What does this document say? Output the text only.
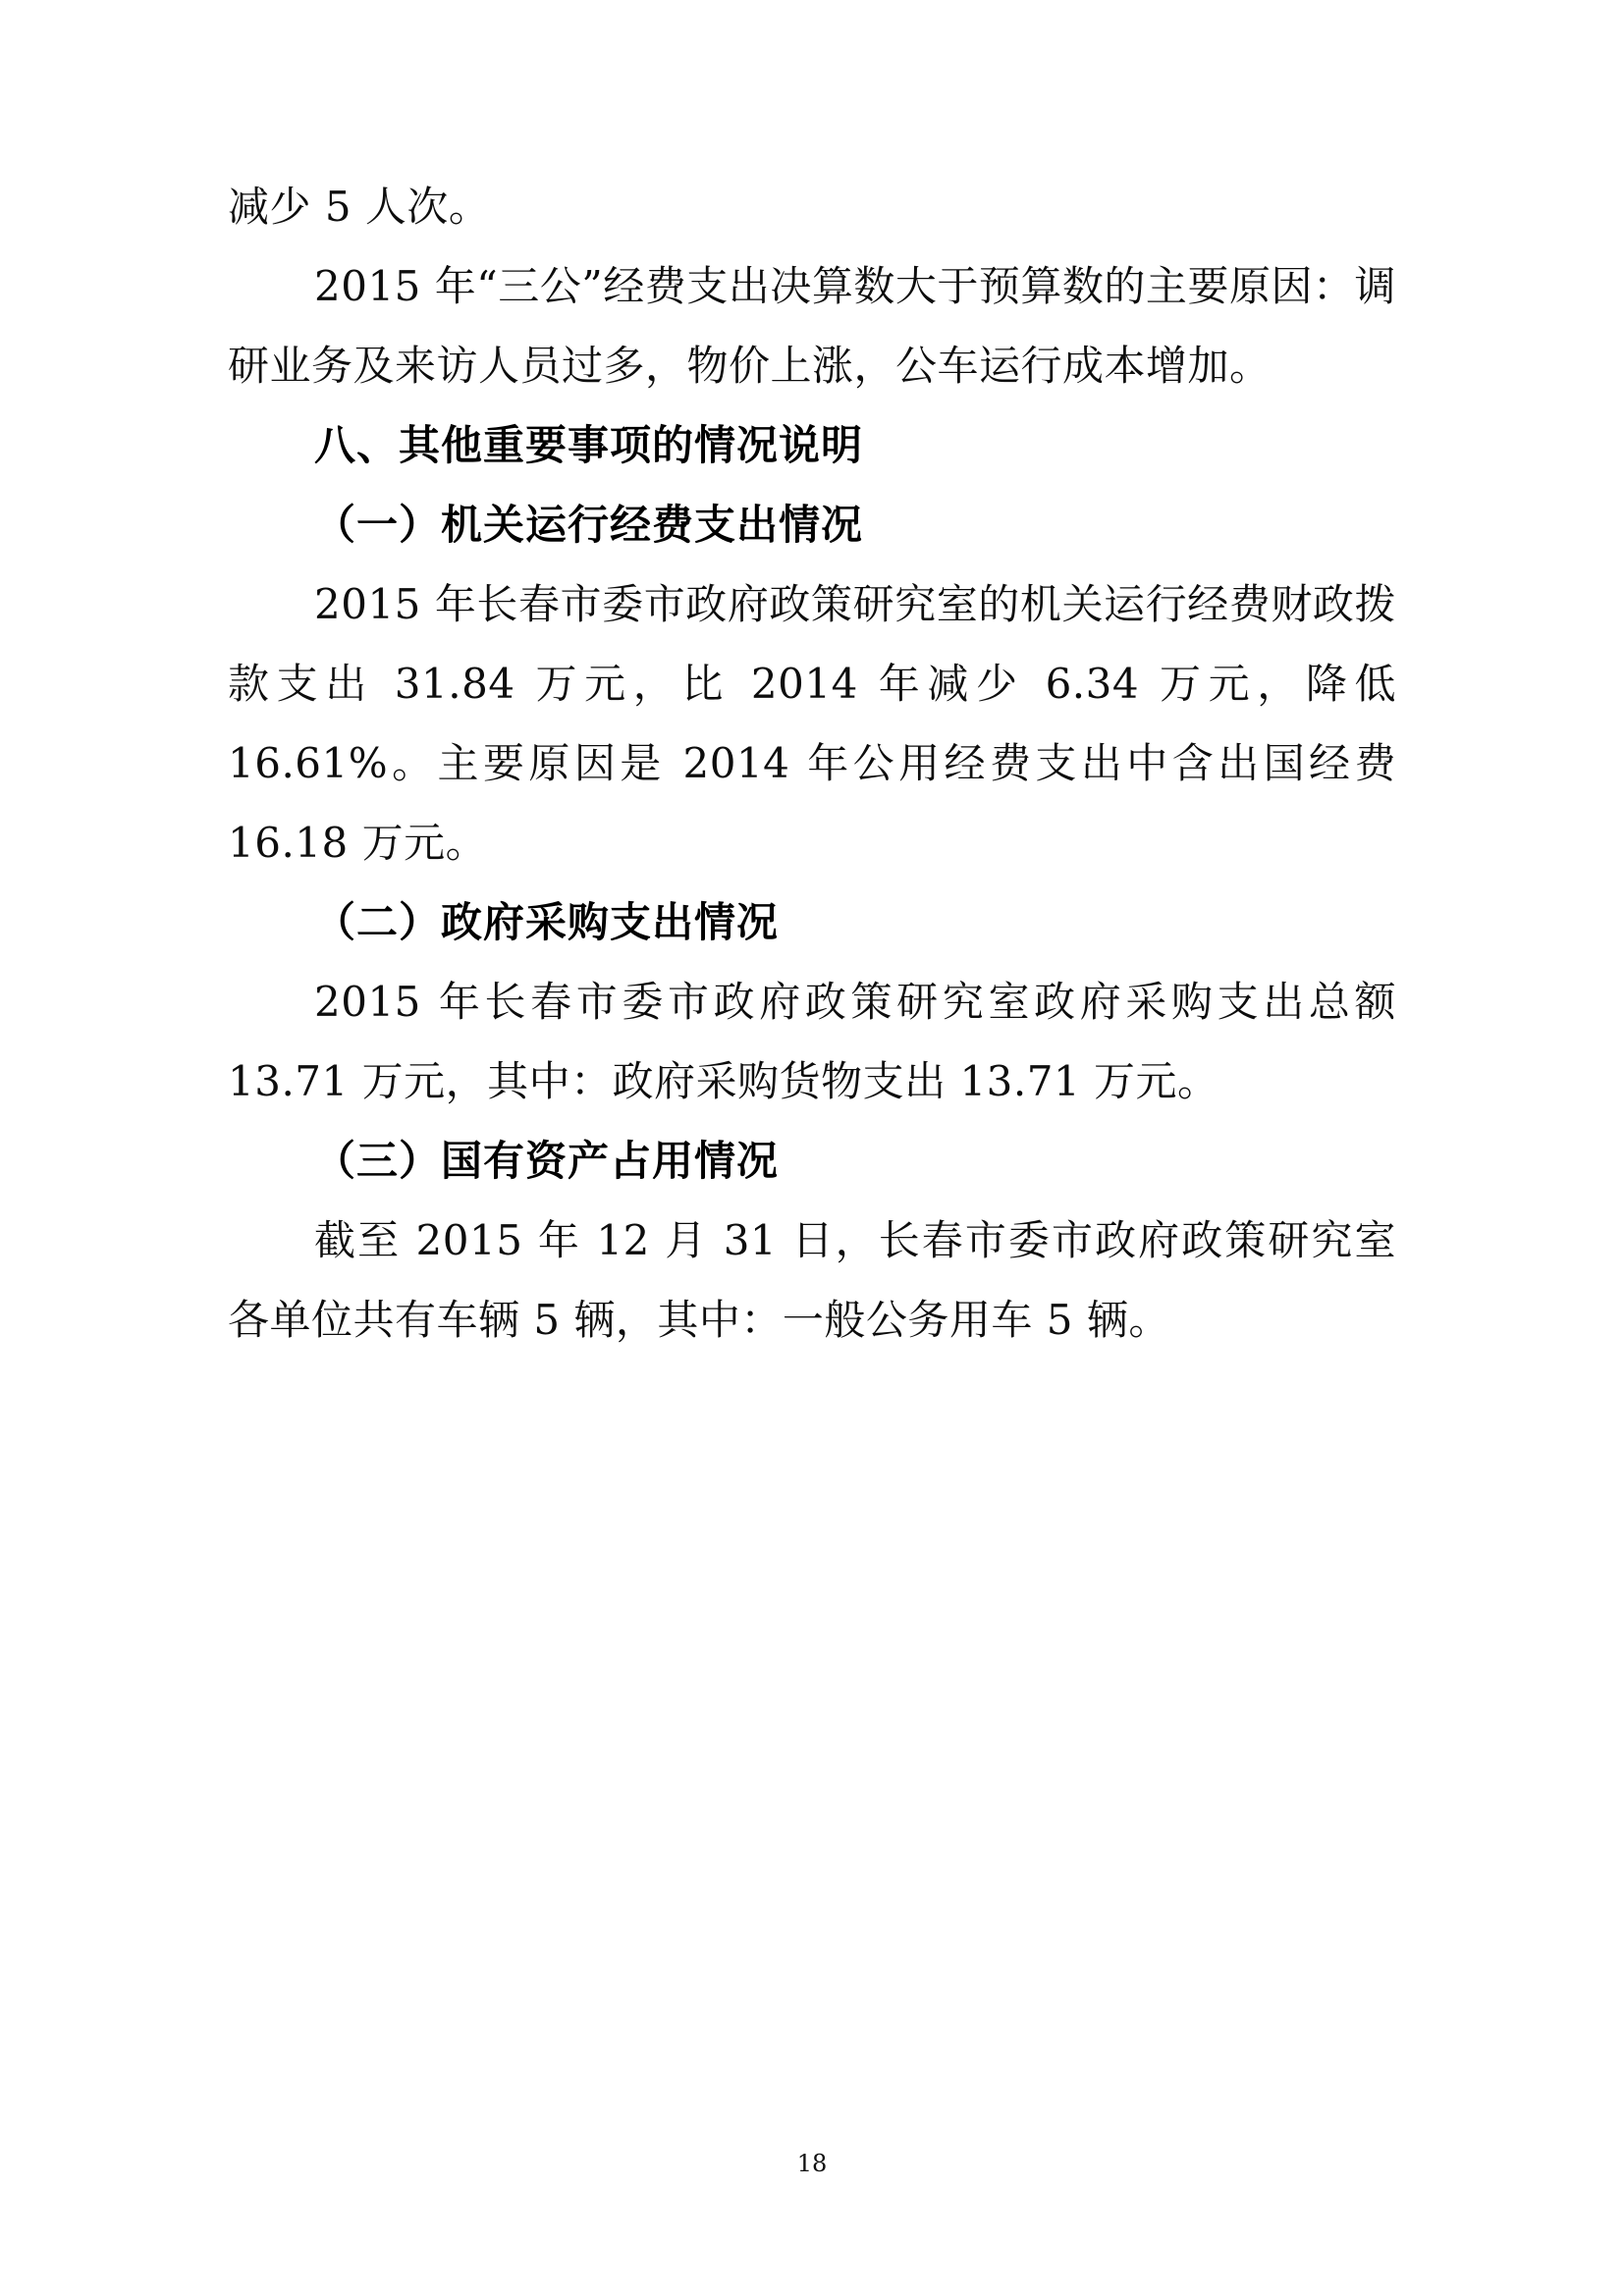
减少 5 人次。

2015 年“三公”经费支出决算数大于预算数的主要原因：调研业务及来访人员过多，物价上涨，公车运行成本增加。

八、其他重要事项的情况说明
（一）机关运行经费支出情况

2015 年长春市委市政府政策研究室的机关运行经费财政拨款支出 31.84 万元，比 2014 年减少 6.34 万元，降低 16.61%。主要原因是 2014 年公用经费支出中含出国经费 16.18 万元。

（二）政府采购支出情况

2015 年长春市委市政府政策研究室政府采购支出总额 13.71 万元，其中：政府采购货物支出 13.71 万元。

（三）国有资产占用情况

截至 2015 年 12 月 31 日，长春市委市政府政策研究室各单位共有车辆 5 辆，其中：一般公务用车 5 辆。

18
